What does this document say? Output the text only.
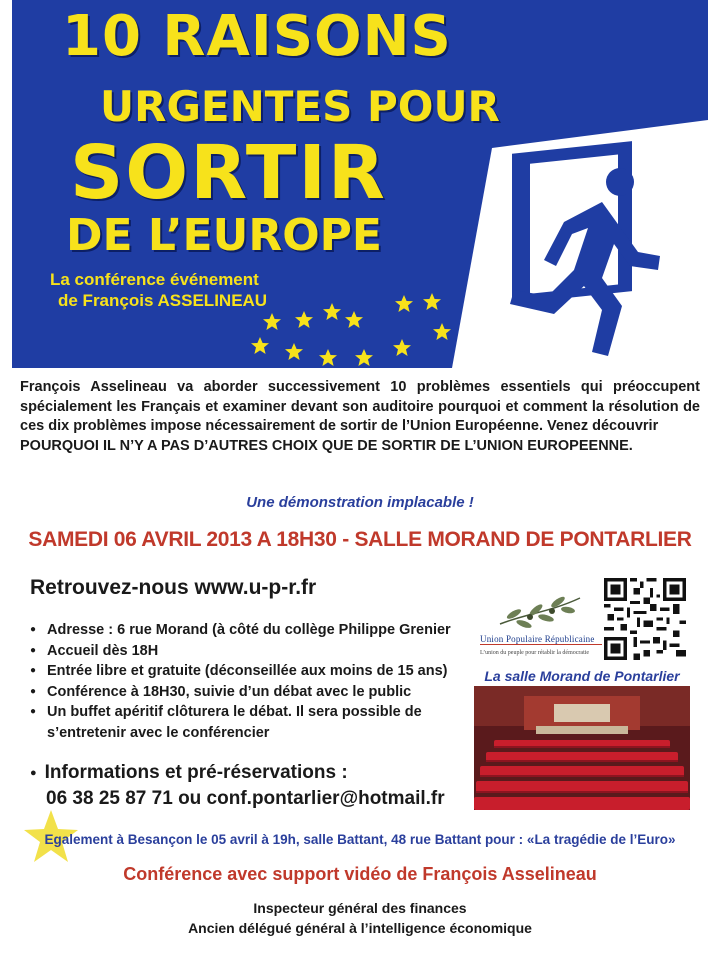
10 RAISONS
URGENTES POUR
SORTIR
DE L’EUROPE
La conférence événement
de François ASSELINEAU

François Asselineau va aborder successivement 10 problèmes essentiels qui préoccupent spécialement les Français et examiner devant son auditoire pourquoi et comment la résolution de ces dix problèmes impose nécessairement de sortir de l’Union Européenne. Venez découvrir
POURQUOI IL N’Y A PAS D’AUTRES CHOIX QUE DE SORTIR DE L’UNION EUROPEENNE.

Une démonstration implacable !
SAMEDI 06 AVRIL 2013 A 18H30 - SALLE MORAND DE PONTARLIER
Retrouvez-nous www.u-p-r.fr
● Adresse : 6 rue Morand (à côté du collège Philippe Grenier
● Accueil dès 18H
● Entrée libre et gratuite (déconseillée aux moins de 15 ans)
● Conférence à 18H30, suivie d’un débat avec le public
● Un buffet apéritif clôturera le débat. Il sera possible de
s’entretenir avec le conférencier
● Informations et pré-réservations :
06 38 25 87 71 ou conf.pontarlier@hotmail.fr
Union Populaire Républicaine
L’union du peuple pour rétablir la démocratie
La salle Morand de Pontarlier
Egalement à Besançon le 05 avril à 19h, salle Battant, 48 rue Battant pour : «La tragédie de l’Euro»
Conférence avec support vidéo de François Asselineau
Inspecteur général des finances
Ancien délégué général à l’intelligence économique
